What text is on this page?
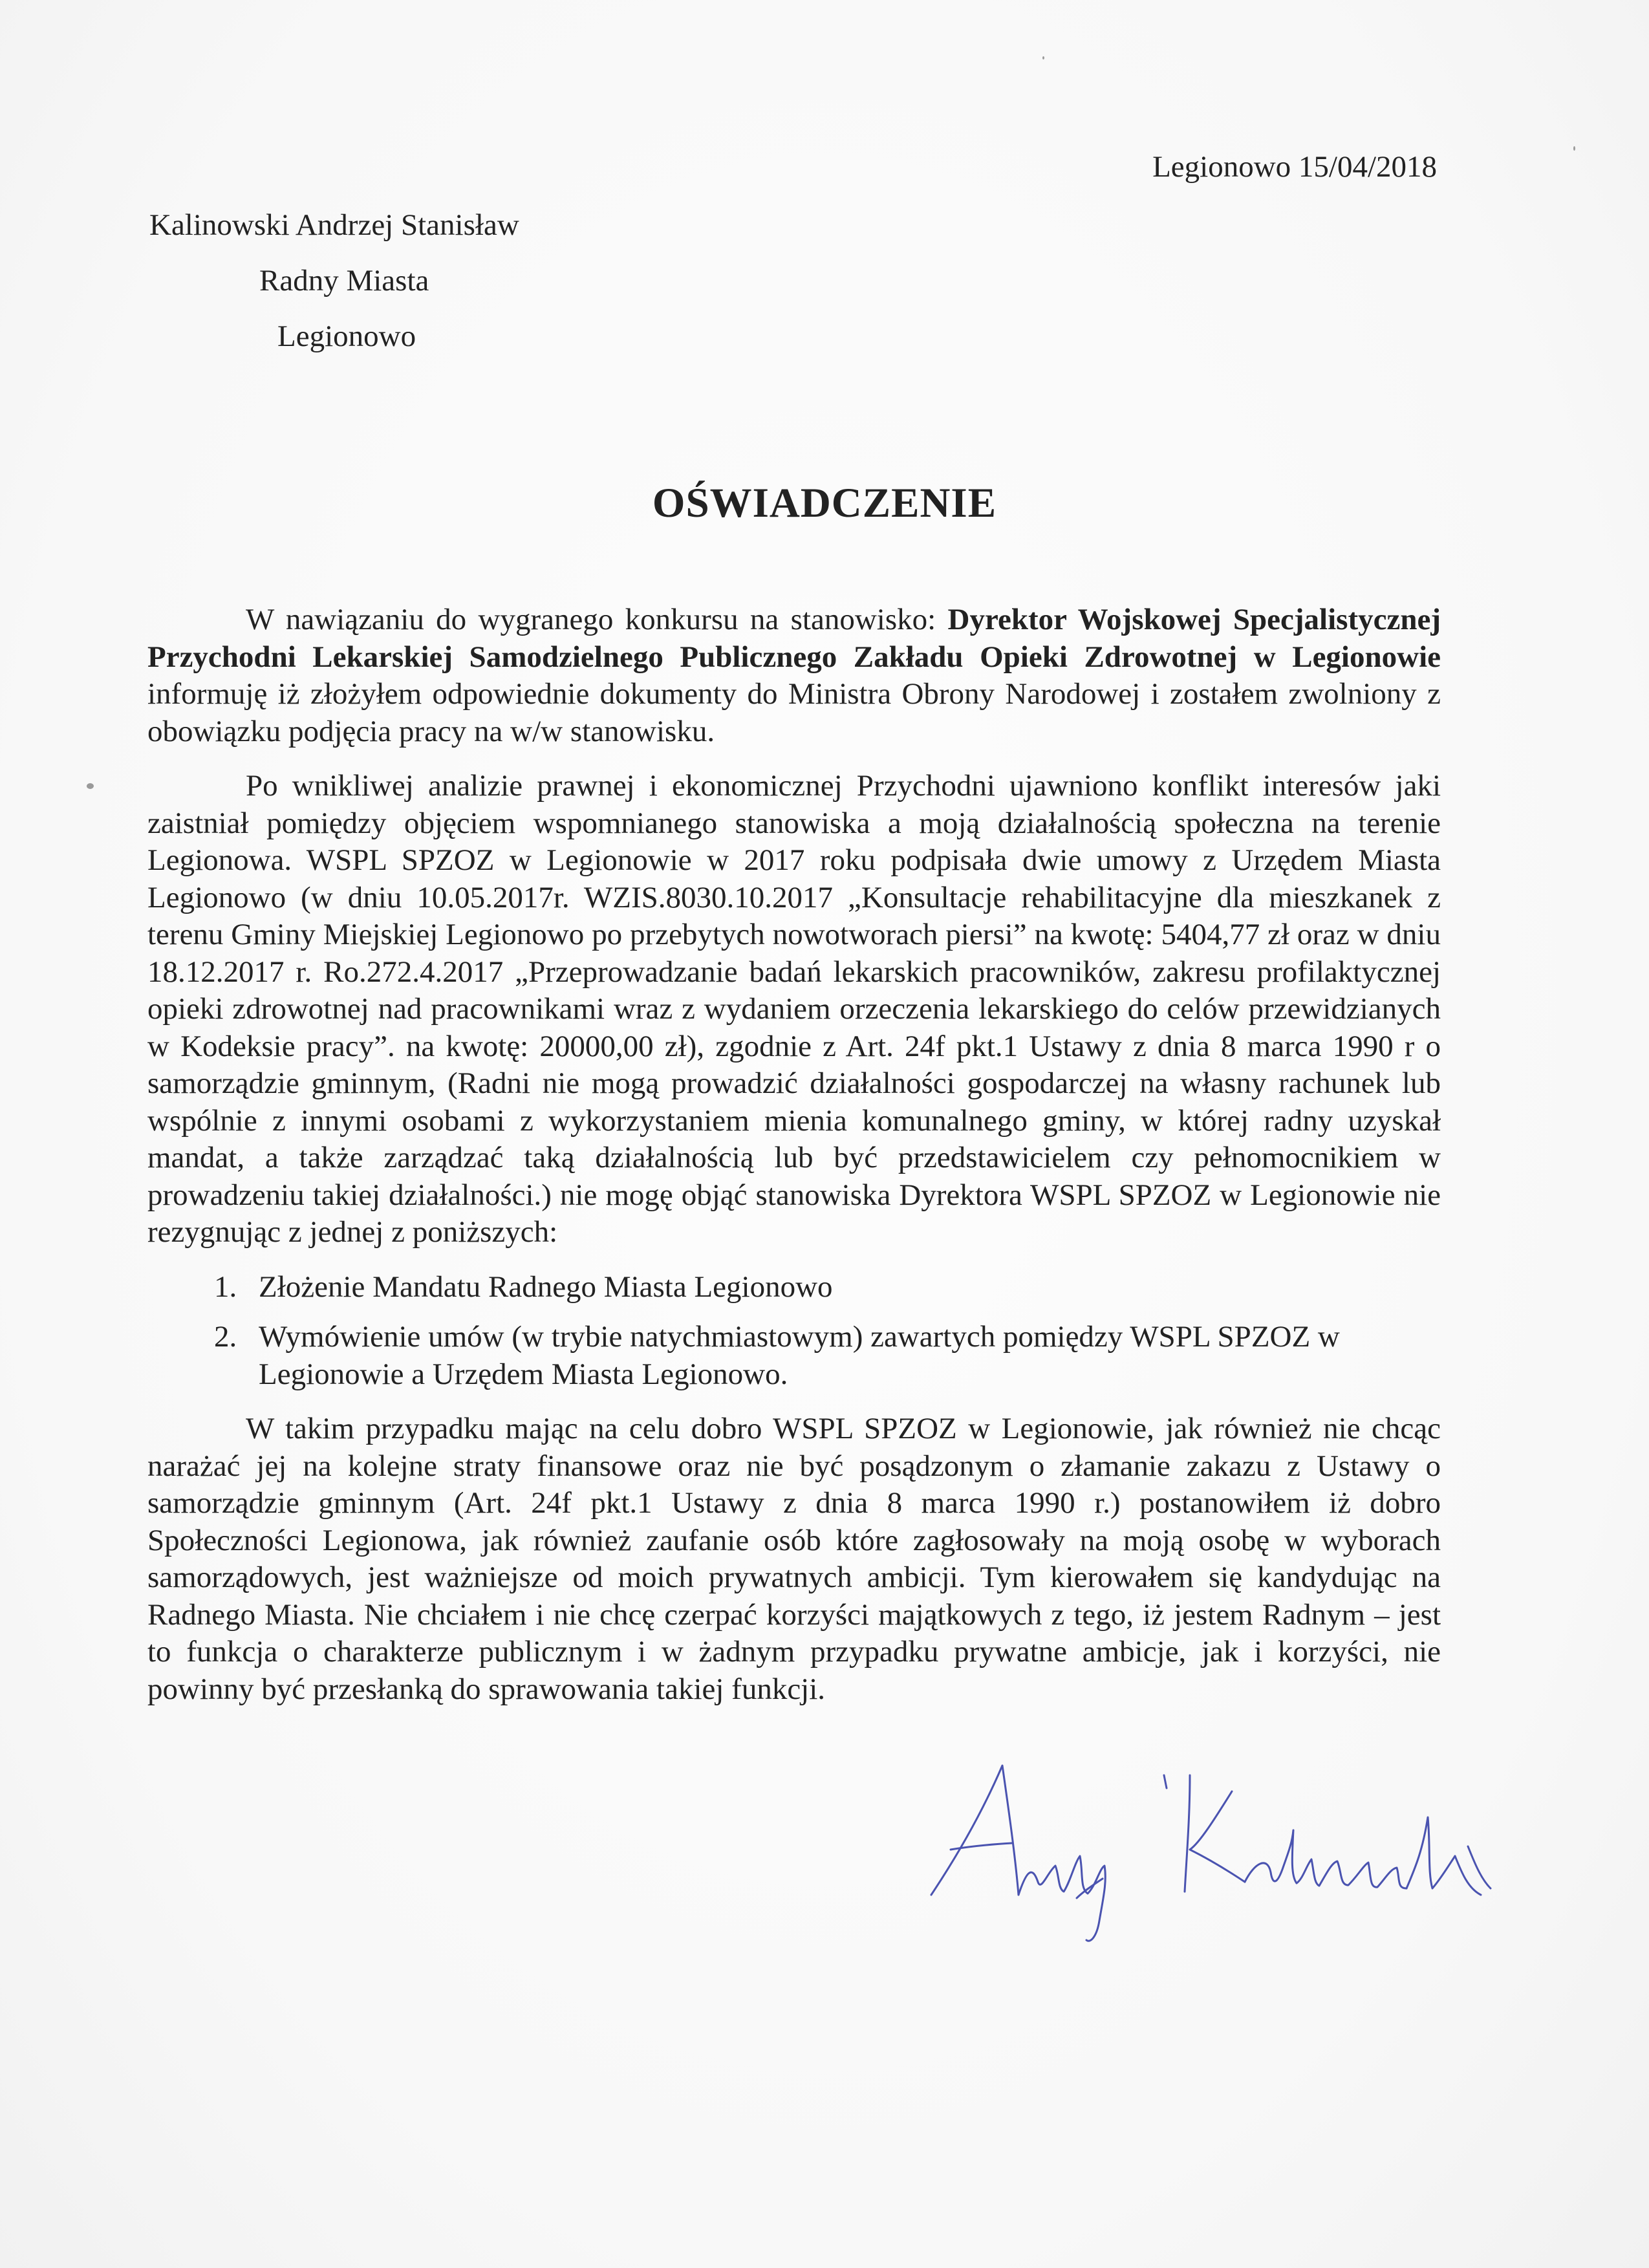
Legionowo 15/04/2018
Kalinowski Andrzej Stanisław
Radny Miasta
Legionowo
OŚWIADCZENIE

W nawiązaniu do wygranego konkursu na stanowisko: Dyrektor Wojskowej Specjalistycznej Przychodni Lekarskiej Samodzielnego Publicznego Zakładu Opieki Zdrowotnej w Legionowie informuję iż złożyłem odpowiednie dokumenty do Ministra Obrony Narodowej i zostałem zwolniony z obowiązku podjęcia pracy na w/w stanowisku.

Po wnikliwej analizie prawnej i ekonomicznej Przychodni ujawniono konflikt interesów jaki zaistniał pomiędzy objęciem wspomnianego stanowiska a moją działalnością społeczna na terenie Legionowa. WSPL SPZOZ w Legionowie w 2017 roku podpisała dwie umowy z Urzędem Miasta Legionowo (w dniu 10.05.2017r. WZIS.8030.10.2017 „Konsultacje rehabilitacyjne dla mieszkanek z terenu Gminy Miejskiej Legionowo po przebytych nowotworach piersi” na kwotę: 5404,77 zł oraz w dniu 18.12.2017 r. Ro.272.4.2017 „Przeprowadzanie badań lekarskich pracowników, zakresu profilaktycznej opieki zdrowotnej nad pracownikami wraz z wydaniem orzeczenia lekarskiego do celów przewidzianych w Kodeksie pracy”. na kwotę: 20000,00 zł), zgodnie z Art. 24f pkt.1 Ustawy z dnia 8 marca 1990 r o samorządzie gminnym, (Radni nie mogą prowadzić działalności gospodarczej na własny rachunek lub wspólnie z innymi osobami z wykorzystaniem mienia komunalnego gminy, w której radny uzyskał mandat, a także zarządzać taką działalnością lub być przedstawicielem czy pełnomocnikiem w prowadzeniu takiej działalności.) nie mogę objąć stanowiska Dyrektora WSPL SPZOZ w Legionowie nie rezygnując z jednej z poniższych:

1. Złożenie Mandatu Radnego Miasta Legionowo
2. Wymówienie umów (w trybie natychmiastowym) zawartych pomiędzy WSPL SPZOZ w Legionowie a Urzędem Miasta Legionowo.

W takim przypadku mając na celu dobro WSPL SPZOZ w Legionowie, jak również nie chcąc narażać jej na kolejne straty finansowe oraz nie być posądzonym o złamanie zakazu z Ustawy o samorządzie gminnym (Art. 24f pkt.1 Ustawy z dnia 8 marca 1990 r.) postanowiłem iż dobro Społeczności Legionowa, jak również zaufanie osób które zagłosowały na moją osobę w wyborach samorządowych, jest ważniejsze od moich prywatnych ambicji. Tym kierowałem się kandydując na Radnego Miasta. Nie chciałem i nie chcę czerpać korzyści majątkowych z tego, iż jestem Radnym – jest to funkcja o charakterze publicznym i w żadnym przypadku prywatne ambicje, jak i korzyści, nie powinny być przesłanką do sprawowania takiej funkcji.
